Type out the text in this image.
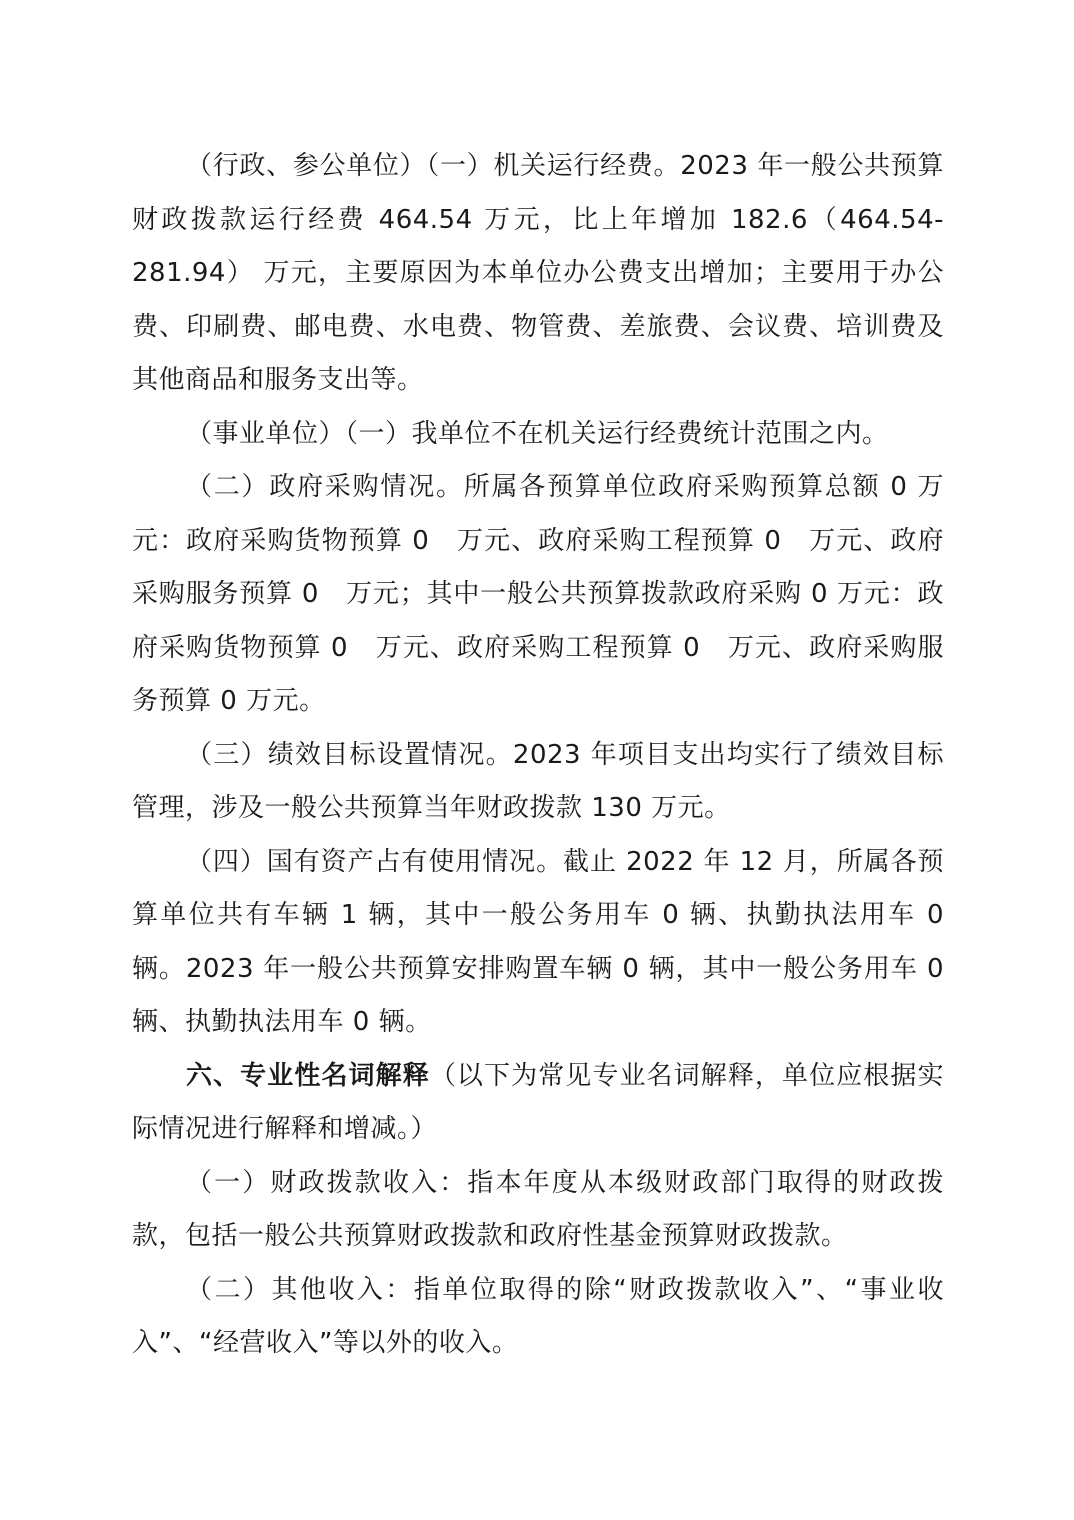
（行政、参公单位）（一）机关运行经费。2023 年一般公共预算财政拨款运行经费 464.54 万元，比上年增加 182.6（464.54-281.94） 万元，主要原因为本单位办公费支出增加；主要用于办公费、印刷费、邮电费、水电费、物管费、差旅费、会议费、培训费及其他商品和服务支出等。

（事业单位）（一）我单位不在机关运行经费统计范围之内。

（二）政府采购情况。所属各预算单位政府采购预算总额 0 万元：政府采购货物预算 0　万元、政府采购工程预算 0　万元、政府采购服务预算 0　万元；其中一般公共预算拨款政府采购 0 万元：政府采购货物预算 0　万元、政府采购工程预算 0　万元、政府采购服务预算 0 万元。

（三）绩效目标设置情况。2023 年项目支出均实行了绩效目标管理，涉及一般公共预算当年财政拨款 130 万元。

（四）国有资产占有使用情况。截止 2022 年 12 月，所属各预算单位共有车辆 1 辆，其中一般公务用车 0 辆、执勤执法用车 0 辆。2023 年一般公共预算安排购置车辆 0 辆，其中一般公务用车 0 辆、执勤执法用车 0 辆。

六、专业性名词解释（以下为常见专业名词解释，单位应根据实际情况进行解释和增减。）

（一）财政拨款收入：指本年度从本级财政部门取得的财政拨款，包括一般公共预算财政拨款和政府性基金预算财政拨款。

（二）其他收入：指单位取得的除“财政拨款收入”、“事业收入”、“经营收入”等以外的收入。
